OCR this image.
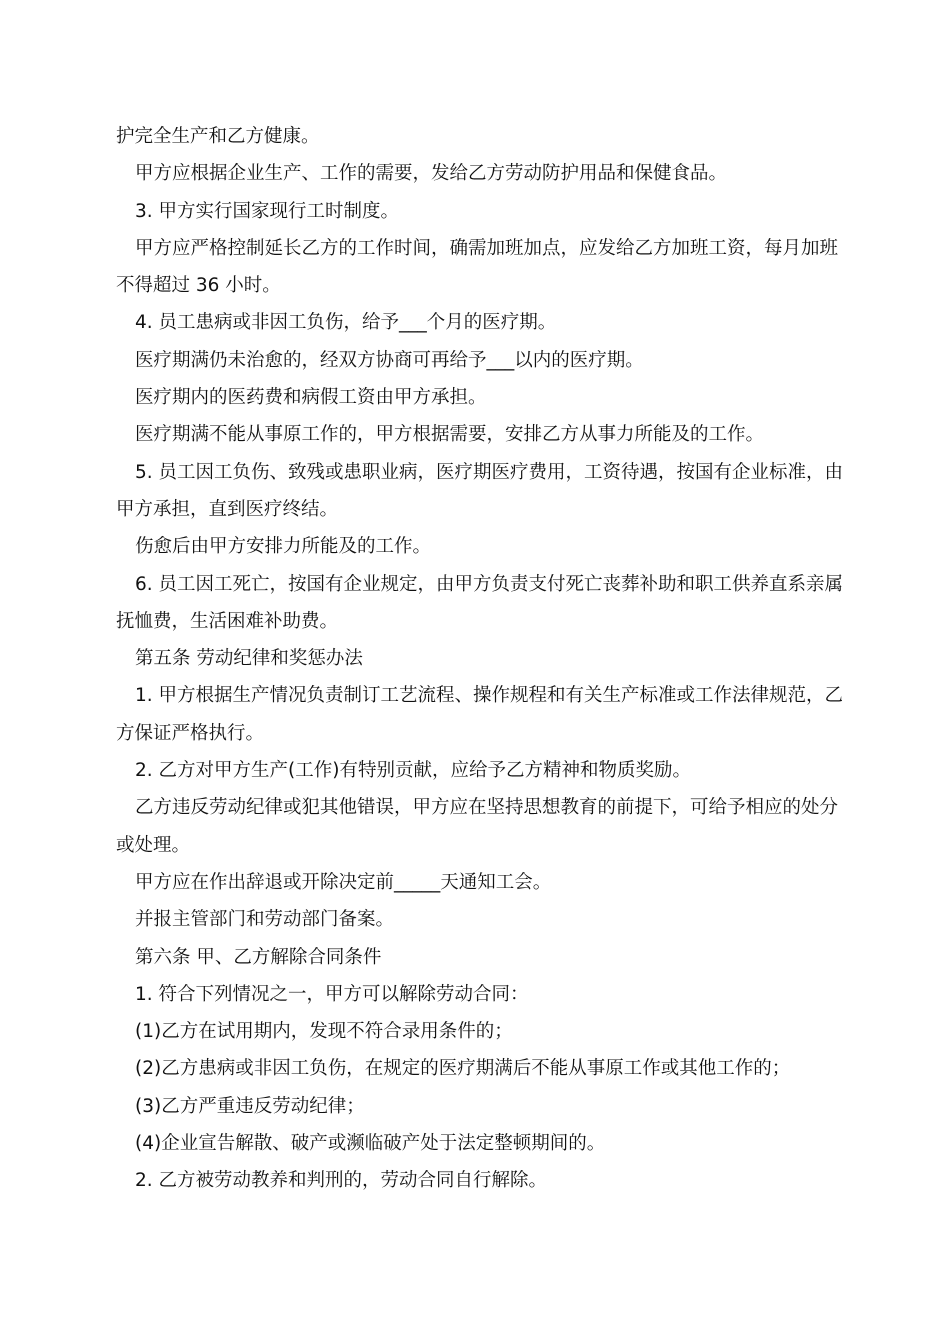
护完全生产和乙方健康。

甲方应根据企业生产、工作的需要，发给乙方劳动防护用品和保健食品。

3. 甲方实行国家现行工时制度。

甲方应严格控制延长乙方的工作时间，确需加班加点，应发给乙方加班工资，每月加班不得超过 36 小时。

4. 员工患病或非因工负伤，给予___个月的医疗期。

医疗期满仍未治愈的，经双方协商可再给予___以内的医疗期。

医疗期内的医药费和病假工资由甲方承担。

医疗期满不能从事原工作的，甲方根据需要，安排乙方从事力所能及的工作。

5. 员工因工负伤、致残或患职业病，医疗期医疗费用，工资待遇，按国有企业标准，由甲方承担，直到医疗终结。

伤愈后由甲方安排力所能及的工作。

6. 员工因工死亡，按国有企业规定，由甲方负责支付死亡丧葬补助和职工供养直系亲属抚恤费，生活困难补助费。

第五条 劳动纪律和奖惩办法

1. 甲方根据生产情况负责制订工艺流程、操作规程和有关生产标准或工作法律规范，乙方保证严格执行。

2. 乙方对甲方生产(工作)有特别贡献，应给予乙方精神和物质奖励。

乙方违反劳动纪律或犯其他错误，甲方应在坚持思想教育的前提下，可给予相应的处分或处理。

甲方应在作出辞退或开除决定前_____天通知工会。

并报主管部门和劳动部门备案。

第六条 甲、乙方解除合同条件

1. 符合下列情况之一，甲方可以解除劳动合同：

(1)乙方在试用期内，发现不符合录用条件的；

(2)乙方患病或非因工负伤，在规定的医疗期满后不能从事原工作或其他工作的；

(3)乙方严重违反劳动纪律；

(4)企业宣告解散、破产或濒临破产处于法定整顿期间的。

2. 乙方被劳动教养和判刑的，劳动合同自行解除。
